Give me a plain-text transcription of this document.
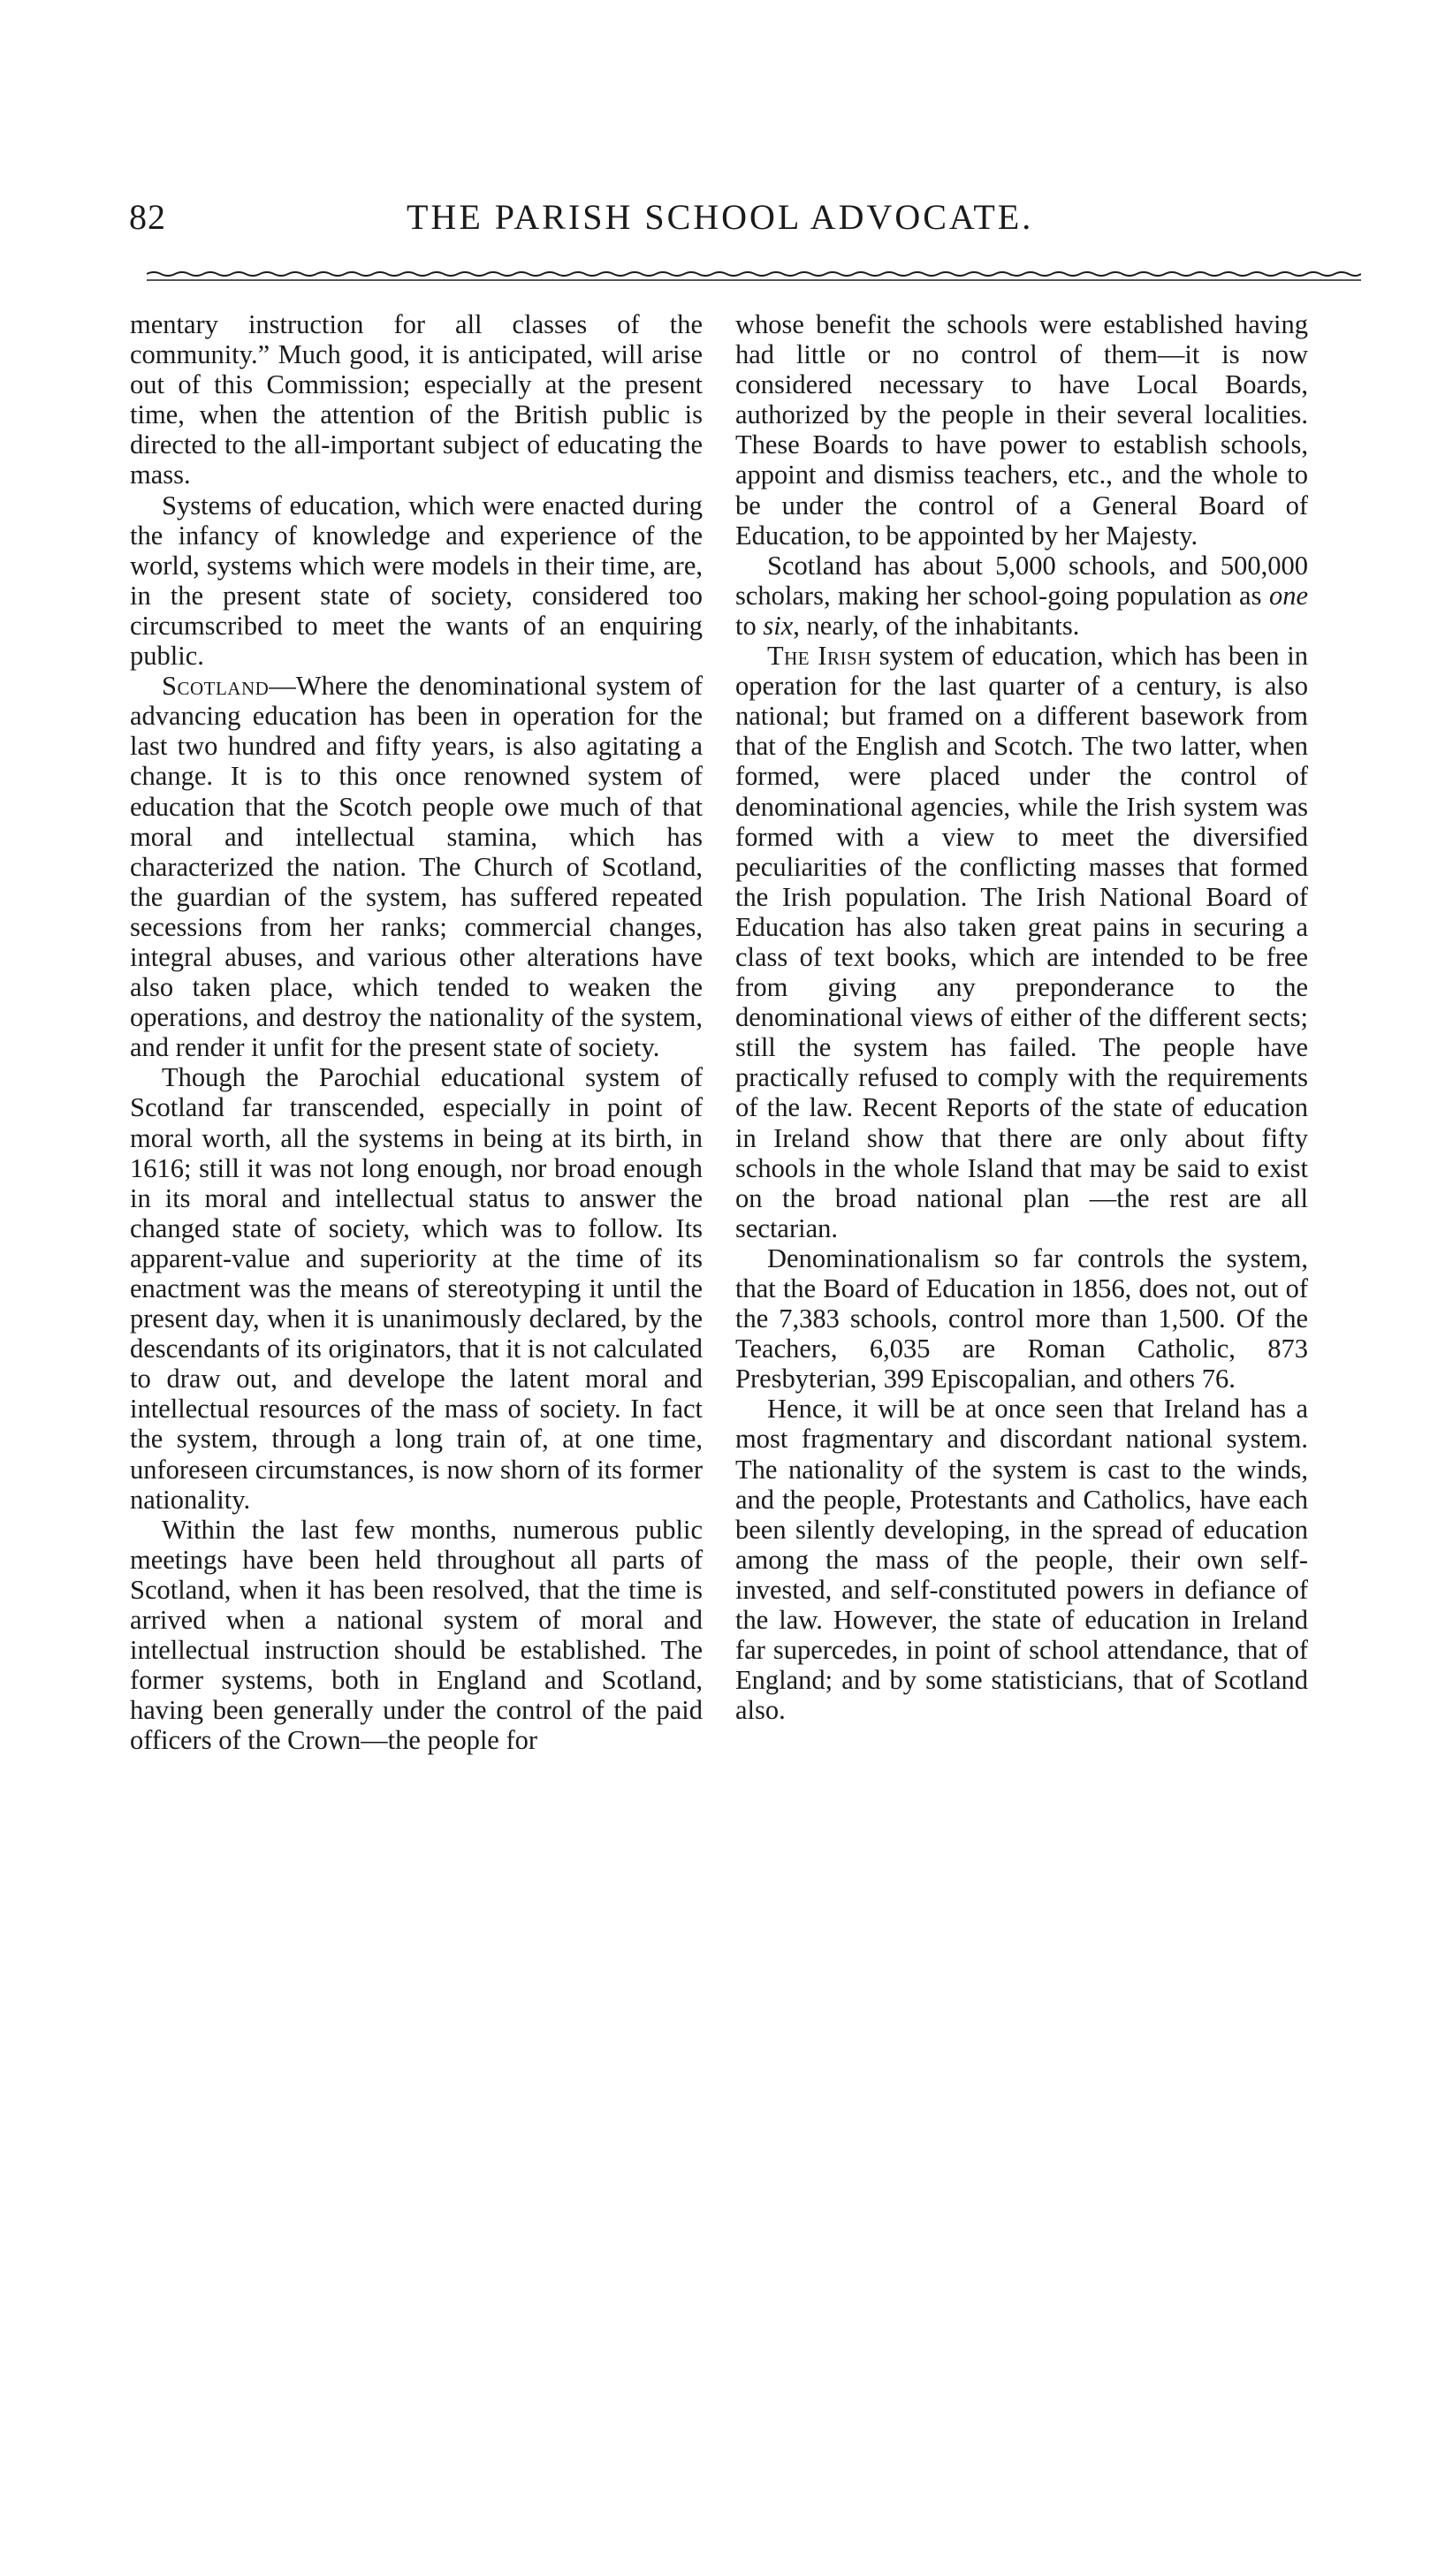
82	THE PARISH SCHOOL ADVOCATE.

mentary instruction for all classes of the community.” Much good, it is anticipated, will arise out of this Commission; especially at the present time, when the attention of the British public is directed to the all-important subject of educating the mass.

Systems of education, which were enacted during the infancy of knowledge and experience of the world, systems which were models in their time, are, in the present state of society, considered too circumscribed to meet the wants of an enquiring public.

Scotland—Where the denominational system of advancing education has been in operation for the last two hundred and fifty years, is also agitating a change. It is to this once renowned system of education that the Scotch people owe much of that moral and intellectual stamina, which has characterized the nation. The Church of Scotland, the guardian of the system, has suffered repeated secessions from her ranks; commercial changes, integral abuses, and various other alterations have also taken place, which tended to weaken the operations, and destroy the nationality of the system, and render it unfit for the present state of society.

Though the Parochial educational system of Scotland far transcended, especially in point of moral worth, all the systems in being at its birth, in 1616; still it was not long enough, nor broad enough in its moral and intellectual status to answer the changed state of society, which was to follow. Its apparent-value and superiority at the time of its enactment was the means of stereotyping it until the present day, when it is unanimously declared, by the descendants of its originators, that it is not calculated to draw out, and develope the latent moral and intellectual resources of the mass of society. In fact the system, through a long train of, at one time, unforeseen circumstances, is now shorn of its former nationality.

Within the last few months, numerous public meetings have been held throughout all parts of Scotland, when it has been resolved, that the time is arrived when a national system of moral and intellectual instruction should be established. The former systems, both in England and Scotland, having been generally under the control of the paid officers of the Crown—the people for

whose benefit the schools were established having had little or no control of them—it is now considered necessary to have Local Boards, authorized by the people in their several localities. These Boards to have power to establish schools, appoint and dismiss teachers, etc., and the whole to be under the control of a General Board of Education, to be appointed by her Majesty.

Scotland has about 5,000 schools, and 500,000 scholars, making her school-going population as one to six, nearly, of the inhabitants.

The Irish system of education, which has been in operation for the last quarter of a century, is also national; but framed on a different basework from that of the English and Scotch. The two latter, when formed, were placed under the control of denominational agencies, while the Irish system was formed with a view to meet the diversified peculiarities of the conflicting masses that formed the Irish population. The Irish National Board of Education has also taken great pains in securing a class of text books, which are intended to be free from giving any preponderance to the denominational views of either of the different sects; still the system has failed. The people have practically refused to comply with the requirements of the law. Recent Reports of the state of education in Ireland show that there are only about fifty schools in the whole Island that may be said to exist on the broad national plan —the rest are all sectarian.

Denominationalism so far controls the system, that the Board of Education in 1856, does not, out of the 7,383 schools, control more than 1,500. Of the Teachers, 6,035 are Roman Catholic, 873 Presbyterian, 399 Episcopalian, and others 76.

Hence, it will be at once seen that Ireland has a most fragmentary and discordant national system. The nationality of the system is cast to the winds, and the people, Protestants and Catholics, have each been silently developing, in the spread of education among the mass of the people, their own self-invested, and self-constituted powers in defiance of the law. However, the state of education in Ireland far supercedes, in point of school attendance, that of England; and by some statisticians, that of Scotland also.
